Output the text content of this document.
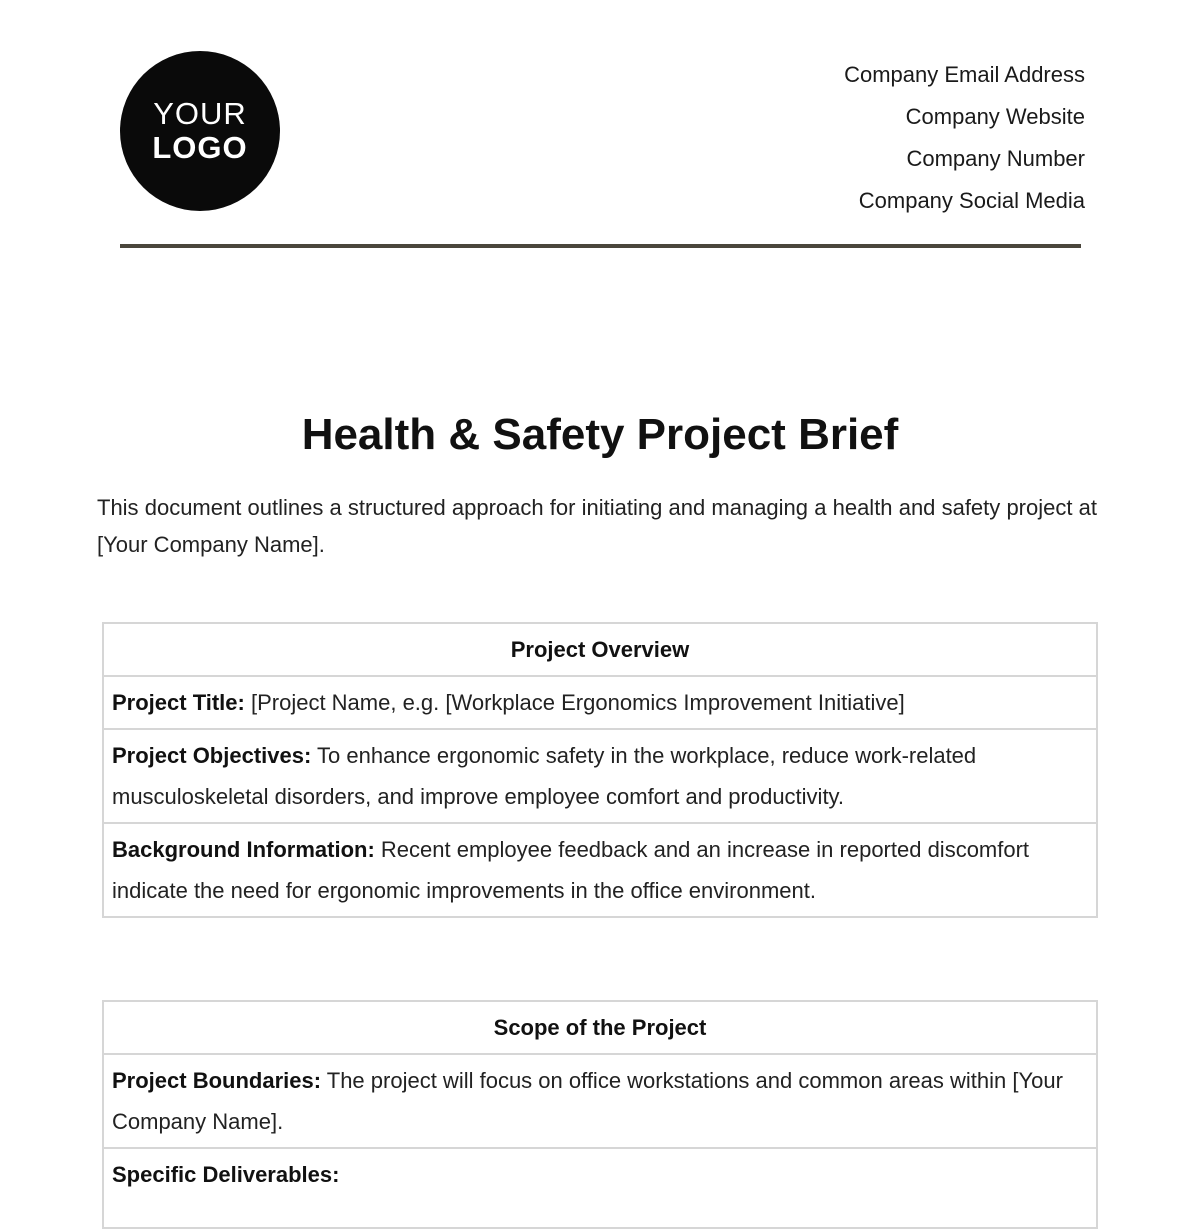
YOUR
LOGO
Company Email Address
Company Website
Company Number
Company Social Media
Health & Safety Project Brief

This document outlines a structured approach for initiating and managing a health and safety project at [Your Company Name].

Project Overview
Project Title: [Project Name, e.g. [Workplace Ergonomics Improvement Initiative]
Project Objectives: To enhance ergonomic safety in the workplace, reduce work-related musculoskeletal disorders, and improve employee comfort and productivity.
Background Information: Recent employee feedback and an increase in reported discomfort indicate the need for ergonomic improvements in the office environment.
Scope of the Project
Project Boundaries: The project will focus on office workstations and common areas within [Your Company Name].
Specific Deliverables:
